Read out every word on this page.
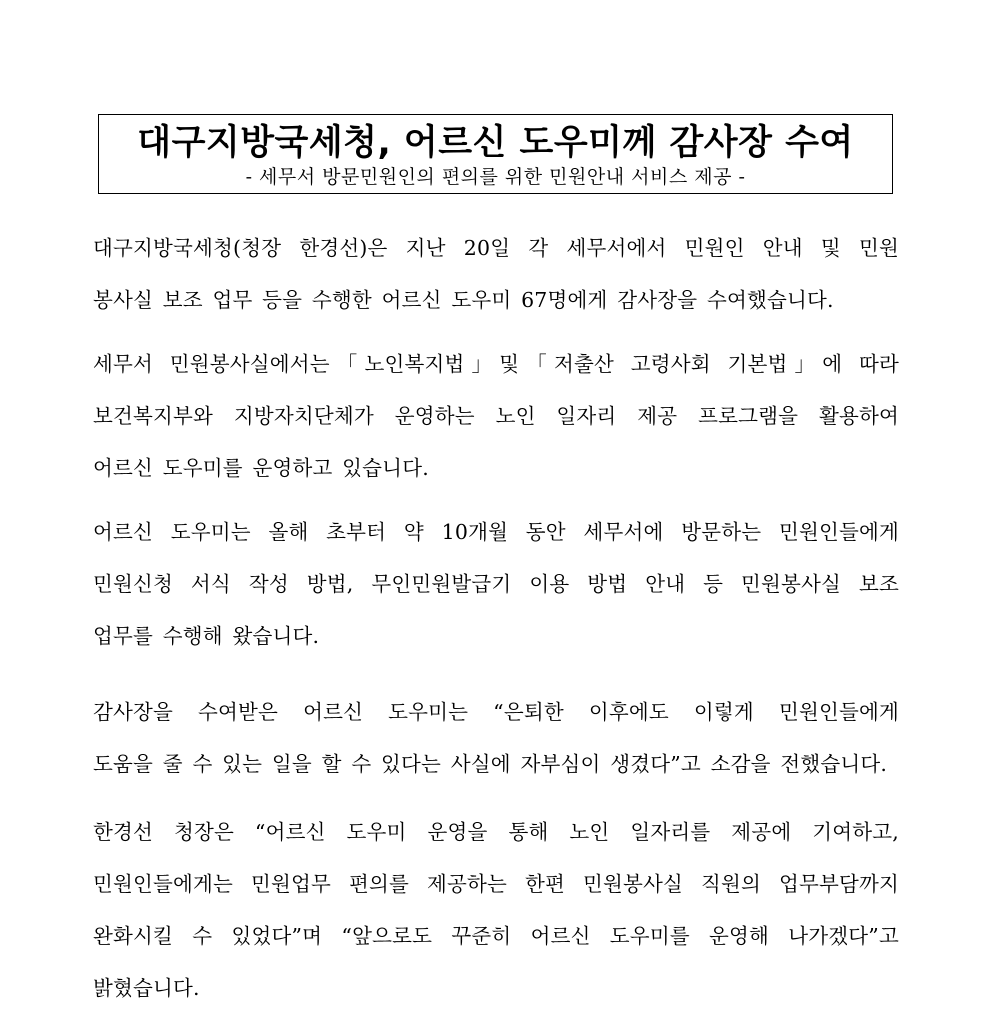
대구지방국세청, 어르신 도우미께 감사장 수여
- 세무서 방문민원인의 편의를 위한 민원안내 서비스 제공 -

대구지방국세청(청장 한경선)은 지난 20일 각 세무서에서 민원인 안내 및 민원
봉사실 보조 업무 등을 수행한 어르신 도우미 67명에게 감사장을 수여했습니다.

세무서 민원봉사실에서는「노인복지법」및「저출산 고령사회 기본법」에 따라
보건복지부와 지방자치단체가 운영하는 노인 일자리 제공 프로그램을 활용하여
어르신 도우미를 운영하고 있습니다.

어르신 도우미는 올해 초부터 약 10개월 동안 세무서에 방문하는 민원인들에게
민원신청 서식 작성 방법, 무인민원발급기 이용 방법 안내 등 민원봉사실 보조
업무를 수행해 왔습니다.

감사장을 수여받은 어르신 도우미는 “은퇴한 이후에도 이렇게 민원인들에게
도움을 줄 수 있는 일을 할 수 있다는 사실에 자부심이 생겼다”고 소감을 전했습니다.

한경선 청장은 “어르신 도우미 운영을 통해 노인 일자리를 제공에 기여하고,
민원인들에게는 민원업무 편의를 제공하는 한편 민원봉사실 직원의 업무부담까지
완화시킬 수 있었다”며 “앞으로도 꾸준히 어르신 도우미를 운영해 나가겠다”고
밝혔습니다.
